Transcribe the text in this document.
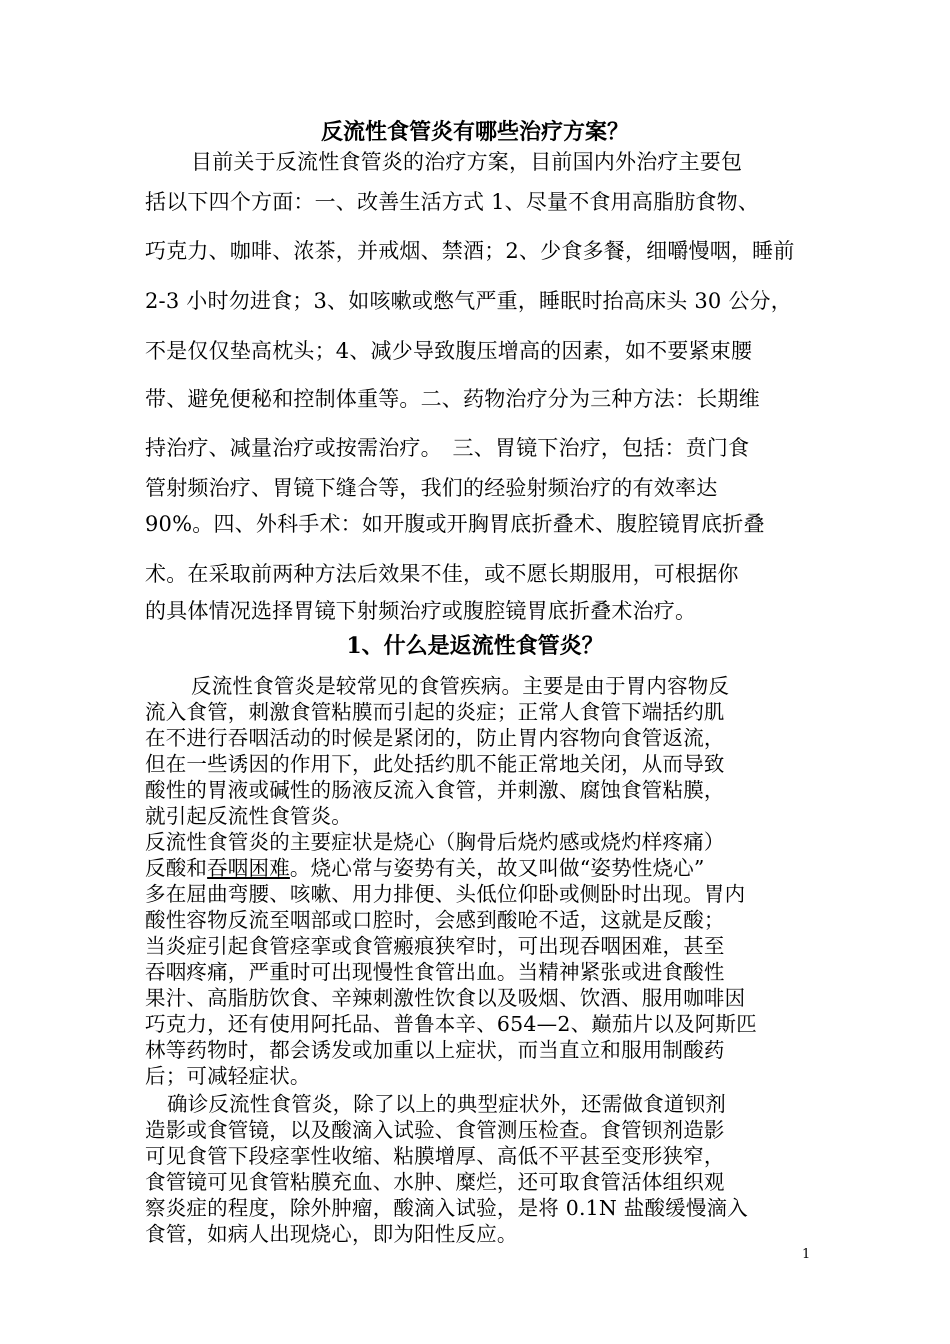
反流性食管炎有哪些治疗方案？
目前关于反流性食管炎的治疗方案，目前国内外治疗主要包
括以下四个方面：一、改善生活方式 1、尽量不食用高脂肪食物、
巧克力、咖啡、浓茶，并戒烟、禁酒；2、少食多餐，细嚼慢咽，睡前
2-3 小时勿进食；3、如咳嗽或憋气严重，睡眠时抬高床头 30 公分，
不是仅仅垫高枕头；4、减少导致腹压增高的因素，如不要紧束腰
带、避免便秘和控制体重等。二、药物治疗分为三种方法：长期维
持治疗、减量治疗或按需治疗。　三、胃镜下治疗，包括：贲门食
管射频治疗、胃镜下缝合等，我们的经验射频治疗的有效率达
90%。四、外科手术：如开腹或开胸胃底折叠术、腹腔镜胃底折叠
术。在采取前两种方法后效果不佳，或不愿长期服用，可根据你
的具体情况选择胃镜下射频治疗或腹腔镜胃底折叠术治疗。
1、什么是返流性食管炎？
反流性食管炎是较常见的食管疾病。主要是由于胃内容物反
流入食管，刺激食管粘膜而引起的炎症；正常人食管下端括约肌
在不进行吞咽活动的时候是紧闭的，防止胃内容物向食管返流，
但在一些诱因的作用下，此处括约肌不能正常地关闭，从而导致
酸性的胃液或碱性的肠液反流入食管，并刺激、腐蚀食管粘膜，
就引起反流性食管炎。
反流性食管炎的主要症状是烧心（胸骨后烧灼感或烧灼样疼痛）
反酸和吞咽困难。烧心常与姿势有关，故又叫做“姿势性烧心”
多在屈曲弯腰、咳嗽、用力排便、头低位仰卧或侧卧时出现。胃内
酸性容物反流至咽部或口腔时，会感到酸呛不适，这就是反酸；
当炎症引起食管痉挛或食管瘢痕狭窄时，可出现吞咽困难，甚至
吞咽疼痛，严重时可出现慢性食管出血。当精神紧张或进食酸性
果汁、高脂肪饮食、辛辣刺激性饮食以及吸烟、饮酒、服用咖啡因
巧克力，还有使用阿托品、普鲁本辛、654—2、巅茄片以及阿斯匹
林等药物时，都会诱发或加重以上症状，而当直立和服用制酸药
后；可减轻症状。
确诊反流性食管炎，除了以上的典型症状外，还需做食道钡剂
造影或食管镜，以及酸滴入试验、食管测压检查。食管钡剂造影
可见食管下段痉挛性收缩、粘膜增厚、高低不平甚至变形狭窄，
食管镜可见食管粘膜充血、水肿、糜烂，还可取食管活体组织观
察炎症的程度，除外肿瘤，酸滴入试验，是将 0.1N 盐酸缓慢滴入
食管，如病人出现烧心，即为阳性反应。
1
